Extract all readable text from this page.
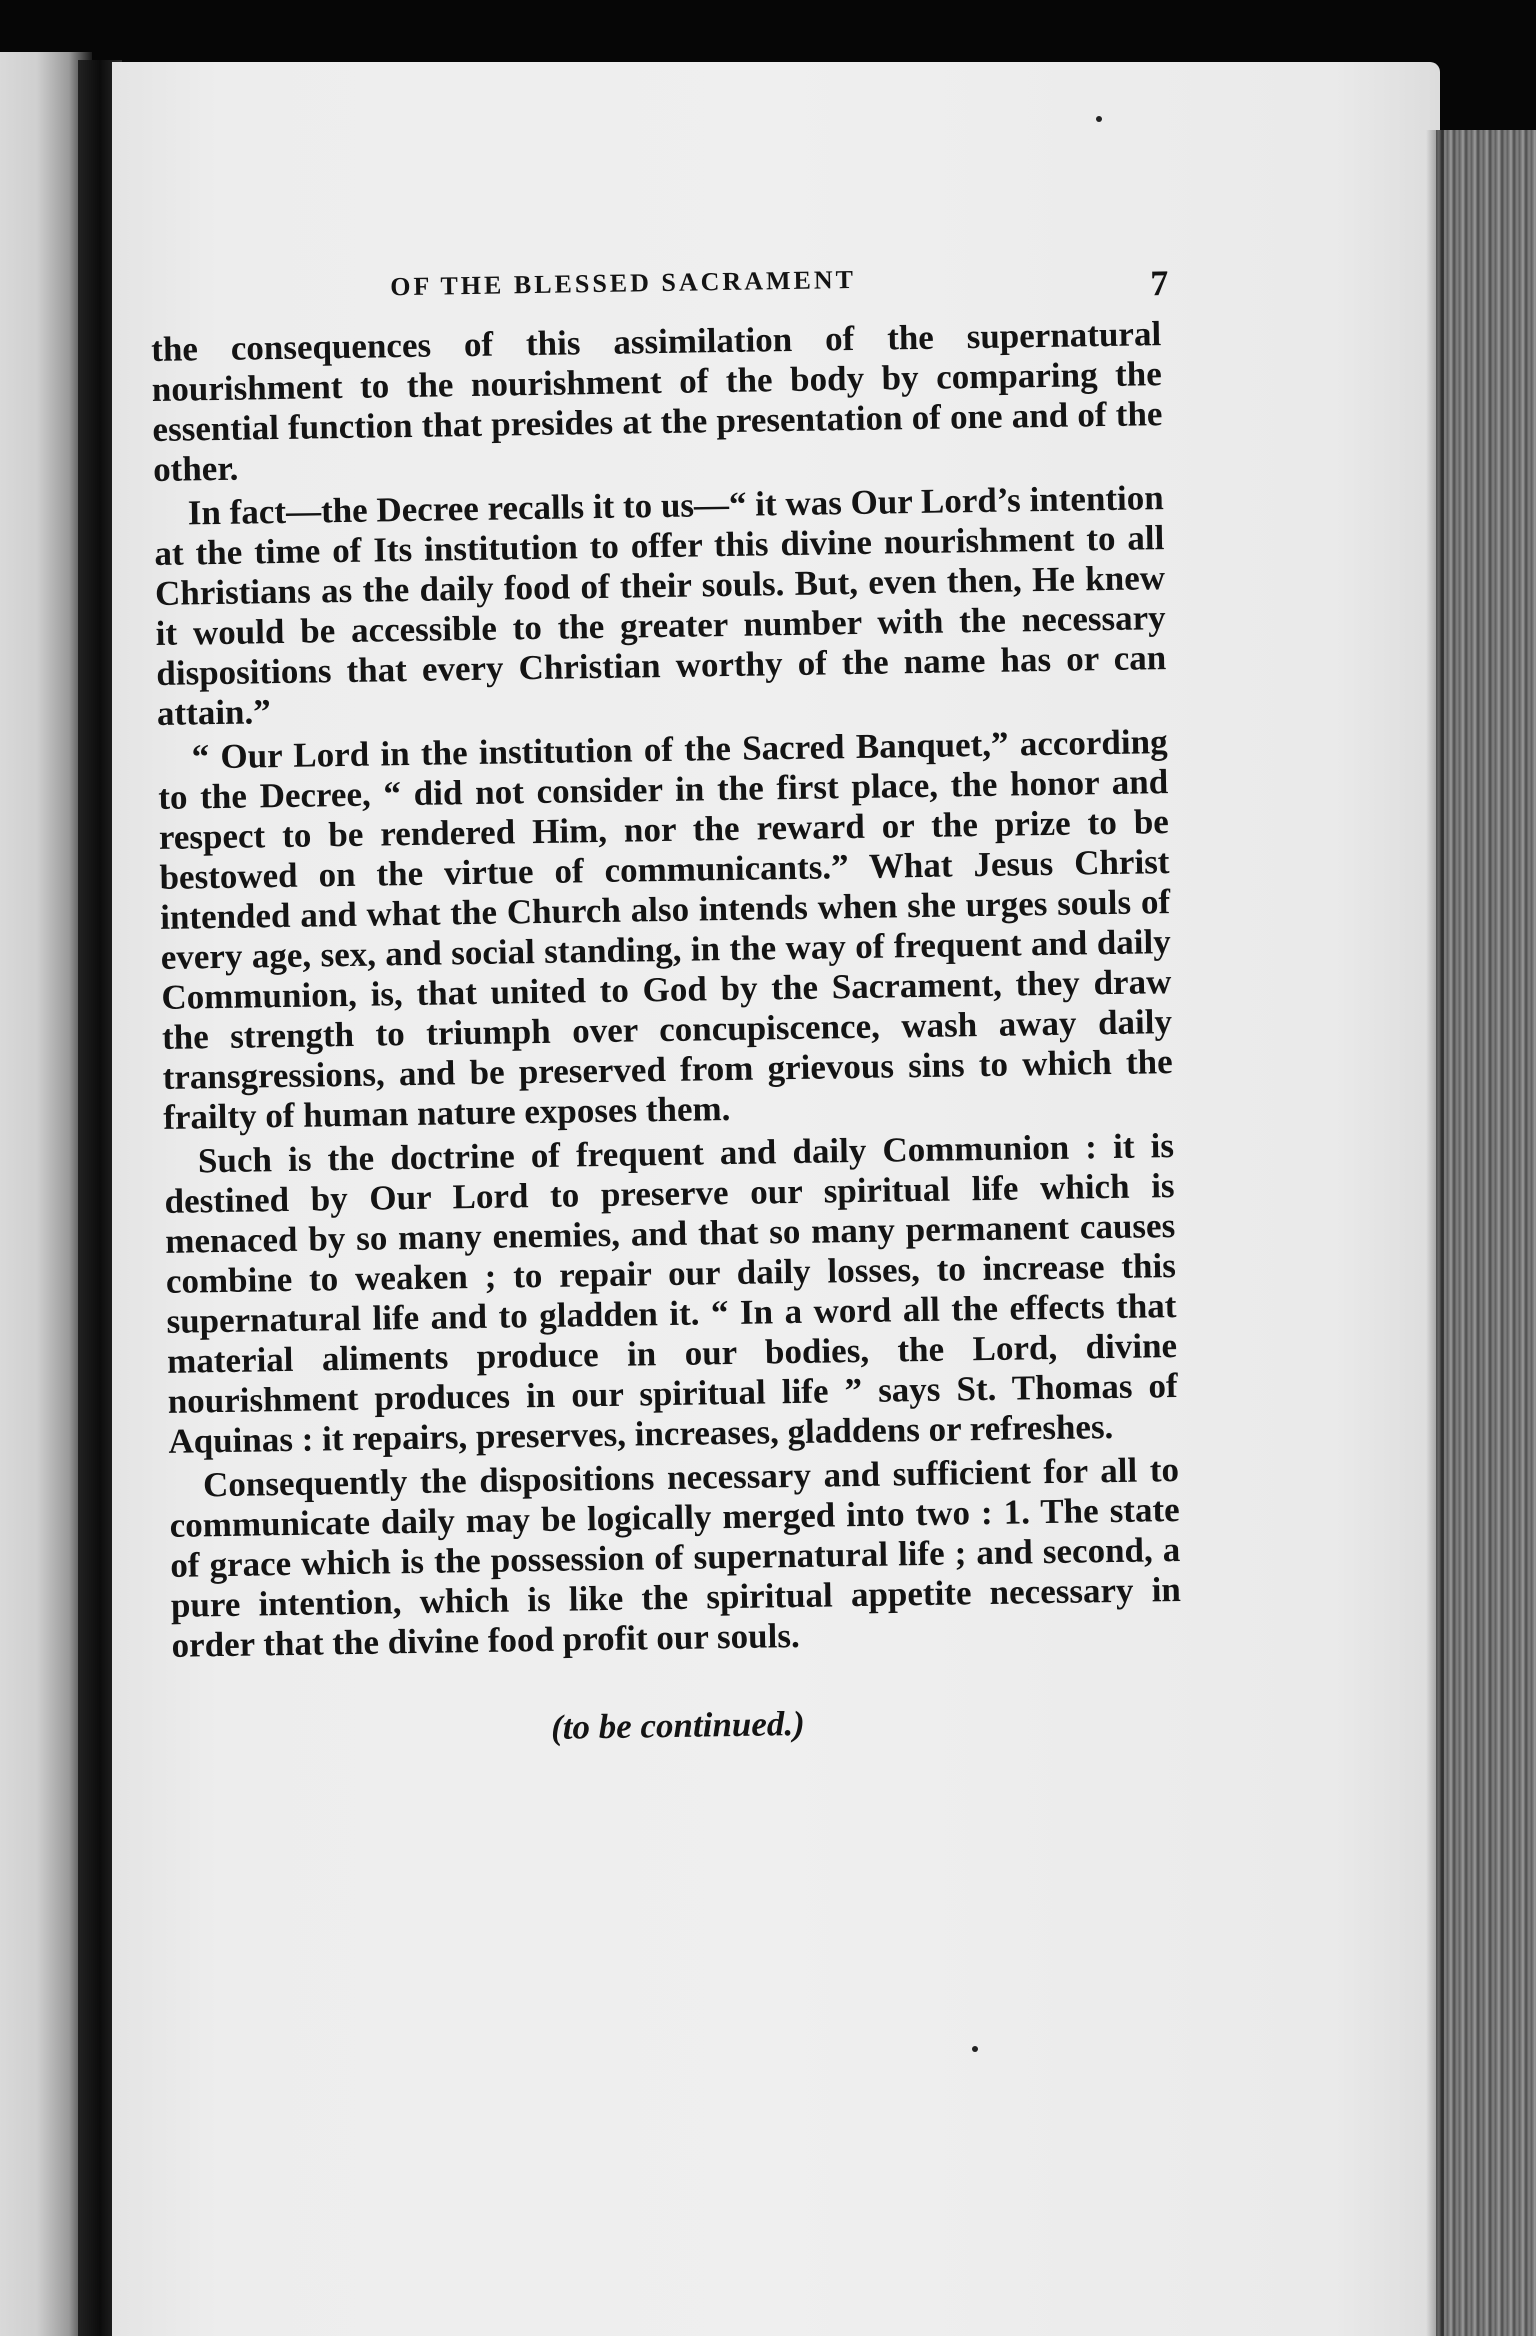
OF THE BLESSED SACRAMENT	7

the consequences of this assimilation of the supernatural nourishment to the nourishment of the body by comparing the essential function that presides at the presentation of one and of the other.

In fact—the Decree recalls it to us—“ it was Our Lord’s intention at the time of Its institution to offer this divine nourishment to all Christians as the daily food of their souls. But, even then, He knew it would be accessible to the greater number with the necessary dispositions that every Christian worthy of the name has or can attain.”

“ Our Lord in the institution of the Sacred Banquet,” according to the Decree, “ did not consider in the first place, the honor and respect to be rendered Him, nor the reward or the prize to be bestowed on the virtue of communicants.” What Jesus Christ intended and what the Church also intends when she urges souls of every age, sex, and social standing, in the way of frequent and daily Communion, is, that united to God by the Sacrament, they draw the strength to triumph over concupiscence, wash away daily transgressions, and be preserved from grievous sins to which the frailty of human nature exposes them.

Such is the doctrine of frequent and daily Communion : it is destined by Our Lord to preserve our spiritual life which is menaced by so many enemies, and that so many permanent causes combine to weaken ; to repair our daily losses, to increase this supernatural life and to gladden it. “ In a word all the effects that material aliments produce in our bodies, the Lord, divine nourishment produces in our spiritual life ” says St. Thomas of Aquinas : it repairs, preserves, increases, gladdens or refreshes.

Consequently the dispositions necessary and sufficient for all to communicate daily may be logically merged into two : 1. The state of grace which is the possession of supernatural life ; and second, a pure intention, which is like the spiritual appetite necessary in order that the divine food profit our souls.

(to be continued.)
